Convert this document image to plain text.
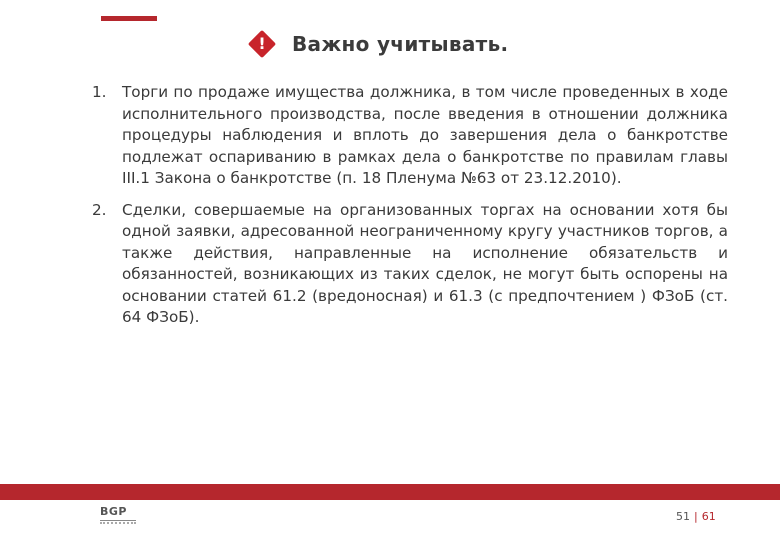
!	Важно учитывать.
1.	Торги по продаже имущества должника, в том числе проведенных в ходе исполнительного производства, после введения в отношении должника процедуры наблюдения и вплоть до завершения дела о банкротстве подлежат оспариванию в рамках дела о банкротстве по правилам главы III.1 Закона о банкротстве (п. 18 Пленума №63 от 23.12.2010).
2.	Сделки, совершаемые на организованных торгах на основании хотя бы одной заявки, адресованной неограниченному кругу участников торгов, а также действия, направленные на исполнение обязательств и обязанностей, возникающих из таких сделок, не могут быть оспорены на основании статей 61.2 (вредоносная) и 61.3 (с предпочтением ) ФЗоБ (ст. 64 ФЗоБ).
BGP	51 | 61
